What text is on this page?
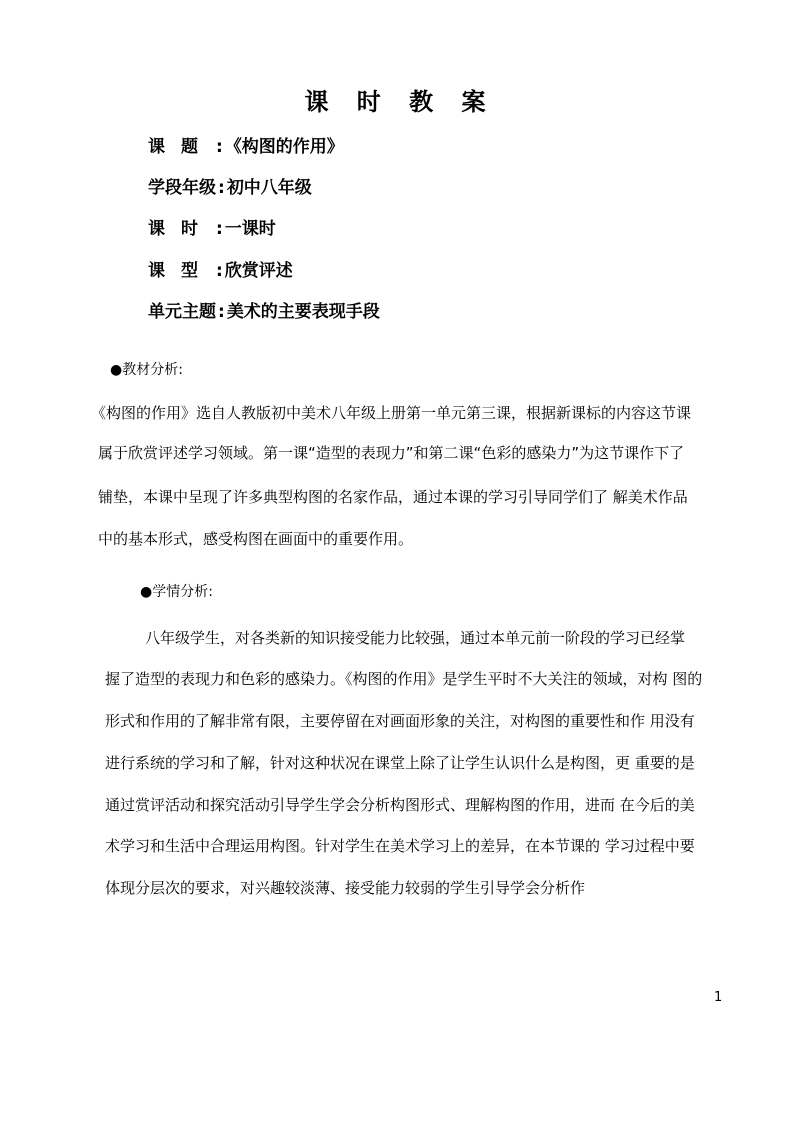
课 时 教 案
课题 : 《构图的作用》
学段年级 : 初中八年级
课时 : 一课时
课型 : 欣赏评述
单元主题 : 美术的主要表现手段
●教材分析:
《构图的作用》选自人教版初中美术八年级上册第一单元第三课，根据新课标的内容这节课
属于欣赏评述学习领域。第一课“造型的表现力”和第二课“色彩的感染力”为这节课作下了
铺垫，本课中呈现了许多典型构图的名家作品，通过本课的学习引导同学们了 解美术作品
中的基本形式，感受构图在画面中的重要作用。
●学情分析:
八年级学生，对各类新的知识接受能力比较强，通过本单元前一阶段的学习已经掌
握了造型的表现力和色彩的感染力。《构图的作用》是学生平时不大关注的领域，对构 图的
形式和作用的了解非常有限，主要停留在对画面形象的关注，对构图的重要性和作 用没有
进行系统的学习和了解，针对这种状况在课堂上除了让学生认识什么是构图，更 重要的是
通过赏评活动和探究活动引导学生学会分析构图形式、理解构图的作用，进而 在今后的美
术学习和生活中合理运用构图。针对学生在美术学习上的差异，在本节课的 学习过程中要
体现分层次的要求，对兴趣较淡薄、接受能力较弱的学生引导学会分析作
1
